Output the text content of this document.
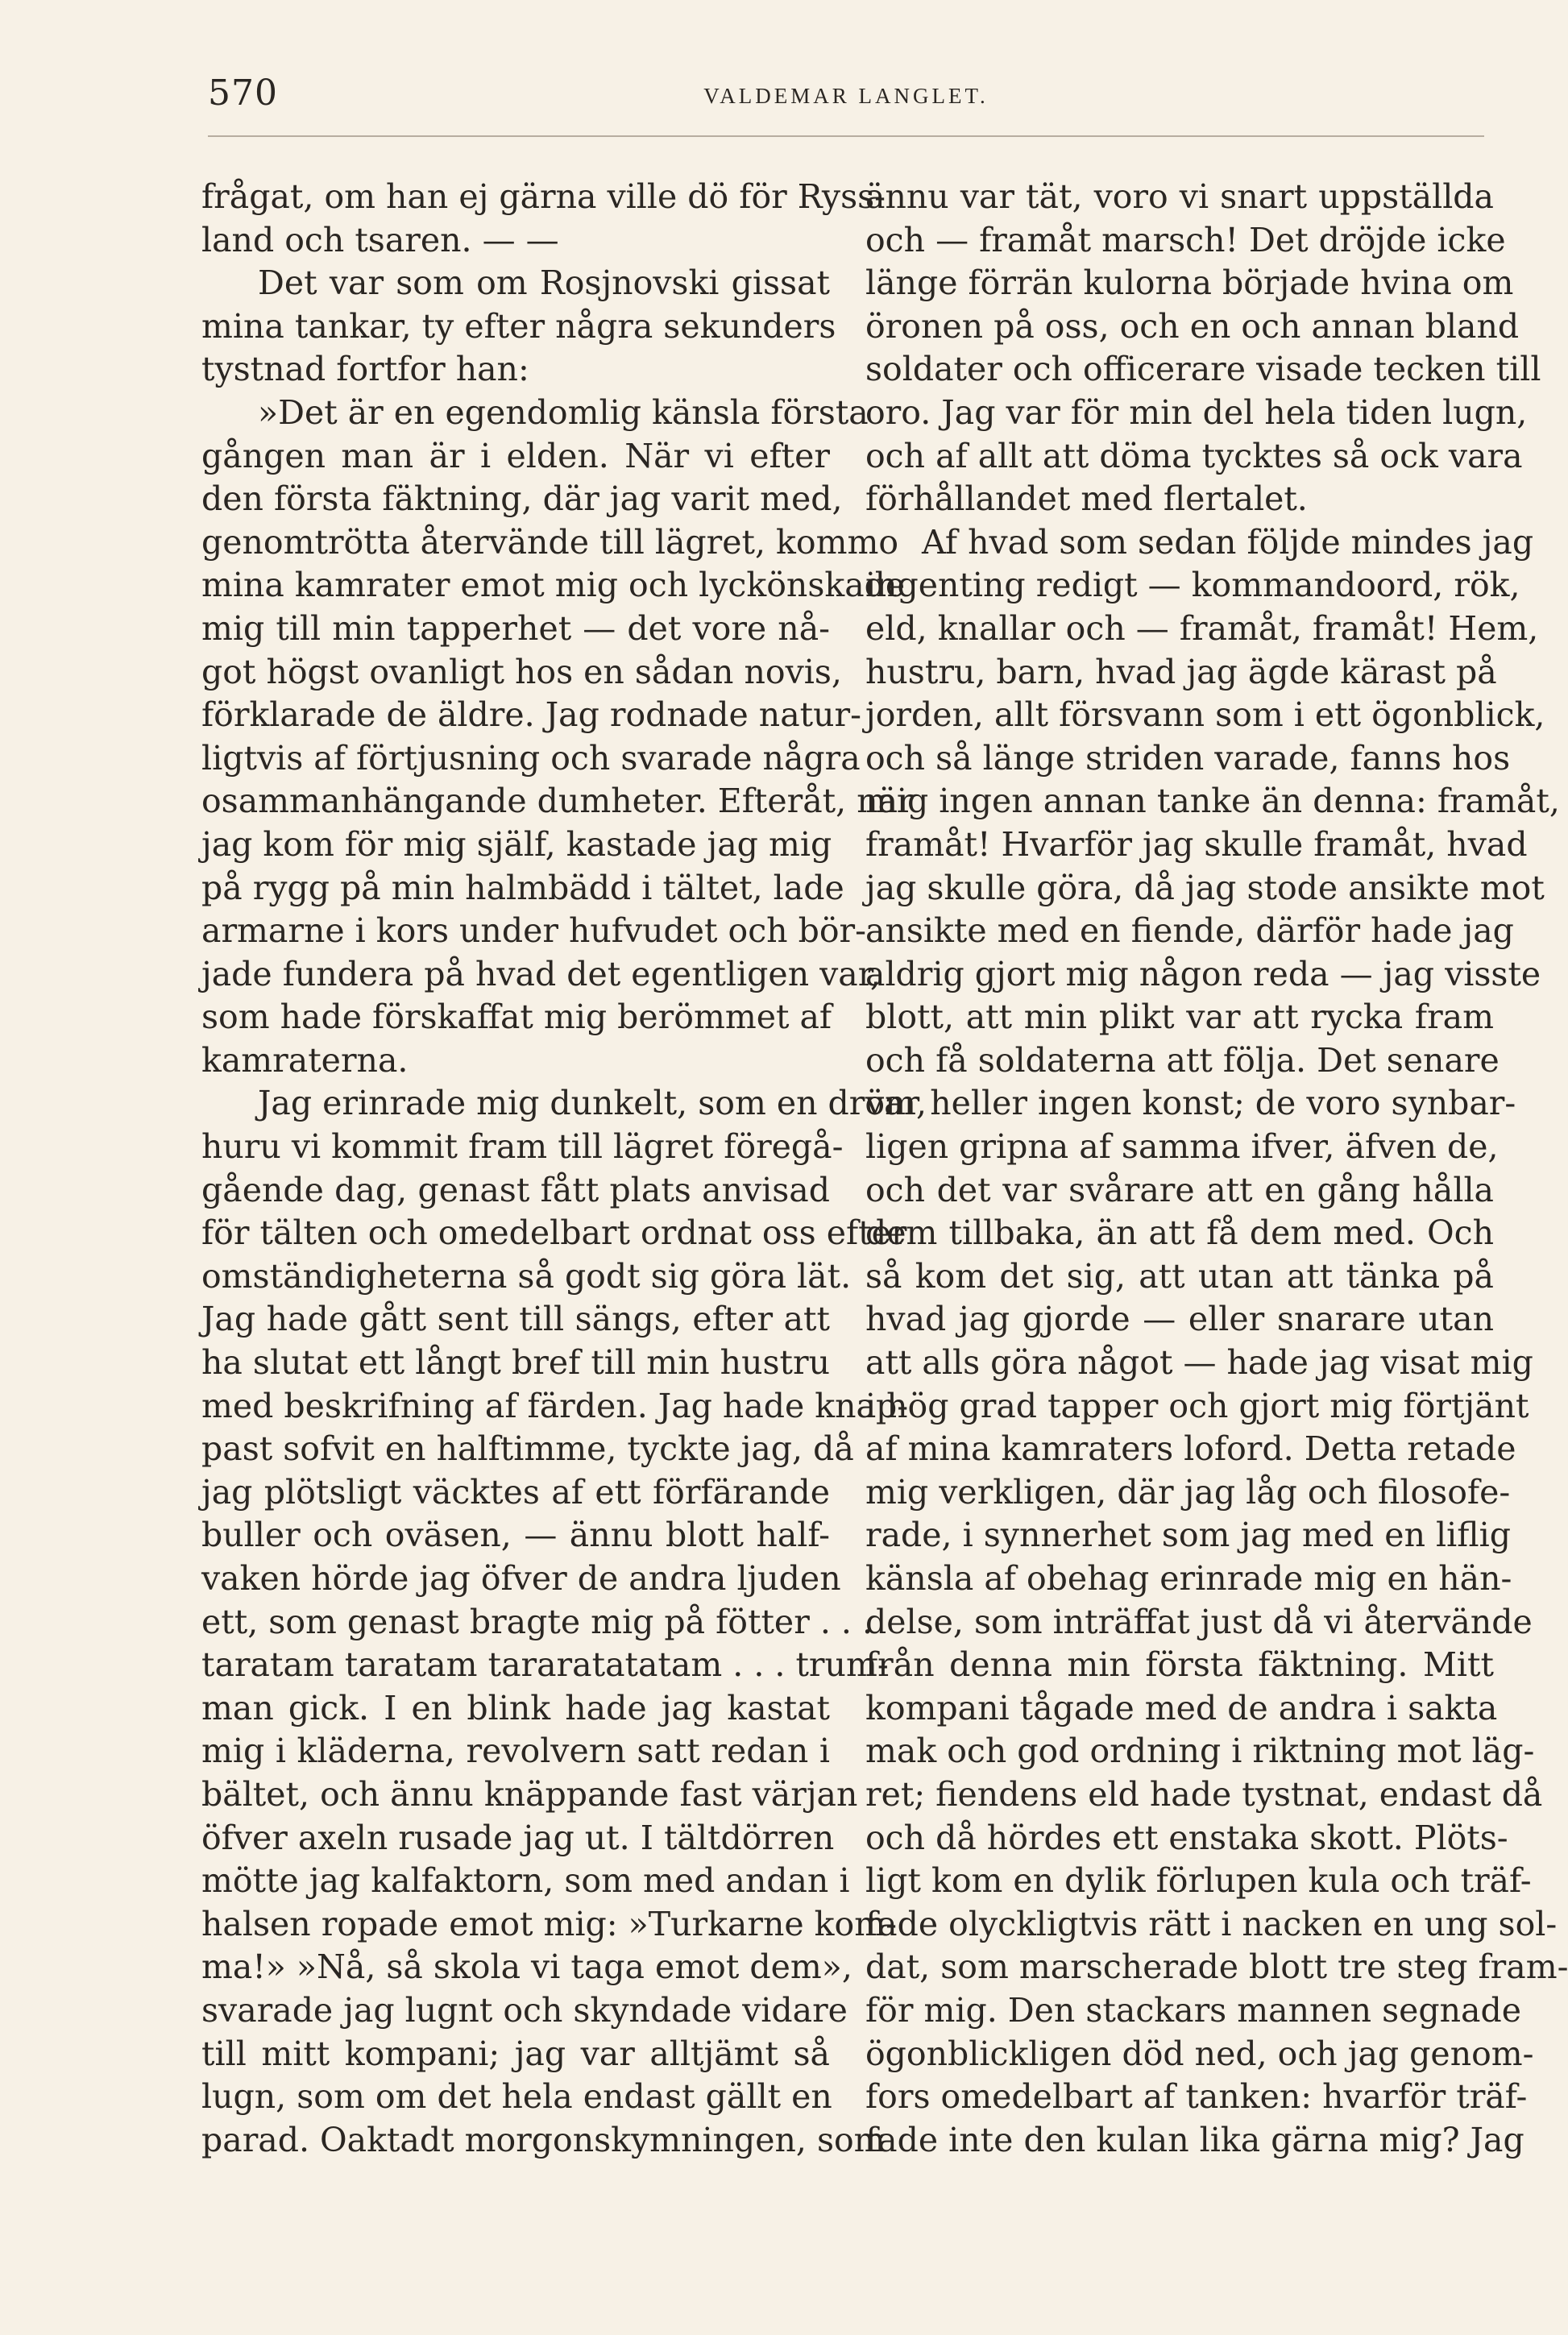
570	VALDEMAR LANGLET.
frågat, om han ej gärna ville dö för Ryss-
land och tsaren. — —
Det var som om Rosjnovski gissat
mina tankar, ty efter några sekunders
tystnad fortfor han:
»Det är en egendomlig känsla första
gången man är i elden. När vi efter
den första fäktning, där jag varit med,
genomtrötta återvände till lägret, kommo
mina kamrater emot mig och lyckönskade
mig till min tapperhet — det vore nå-
got högst ovanligt hos en sådan novis,
förklarade de äldre. Jag rodnade natur-
ligtvis af förtjusning och svarade några
osammanhängande dumheter. Efteråt, när
jag kom för mig själf, kastade jag mig
på rygg på min halmbädd i tältet, lade
armarne i kors under hufvudet och bör-
jade fundera på hvad det egentligen var,
som hade förskaffat mig berömmet af
kamraterna.
Jag erinrade mig dunkelt, som en dröm,
huru vi kommit fram till lägret föregå-
gående dag, genast fått plats anvisad
för tälten och omedelbart ordnat oss efter
omständigheterna så godt sig göra lät.
Jag hade gått sent till sängs, efter att
ha slutat ett långt bref till min hustru
med beskrifning af färden. Jag hade knap-
past sofvit en halftimme, tyckte jag, då
jag plötsligt väcktes af ett förfärande
buller och oväsen, — ännu blott half-
vaken hörde jag öfver de andra ljuden
ett, som genast bragte mig på fötter . . .
taratam taratam tararatatatam . . . trum-
man gick. I en blink hade jag kastat
mig i kläderna, revolvern satt redan i
bältet, och ännu knäppande fast värjan
öfver axeln rusade jag ut. I tältdörren
mötte jag kalfaktorn, som med andan i
halsen ropade emot mig: »Turkarne kom-
ma!» »Nå, så skola vi taga emot dem»,
svarade jag lugnt och skyndade vidare
till mitt kompani; jag var alltjämt så
lugn, som om det hela endast gällt en
parad. Oaktadt morgonskymningen, som
ännu var tät, voro vi snart uppställda
och — framåt marsch! Det dröjde icke
länge förrän kulorna började hvina om
öronen på oss, och en och annan bland
soldater och officerare visade tecken till
oro. Jag var för min del hela tiden lugn,
och af allt att döma tycktes så ock vara
förhållandet med flertalet.
Af hvad som sedan följde mindes jag
ingenting redigt — kommandoord, rök,
eld, knallar och — framåt, framåt! Hem,
hustru, barn, hvad jag ägde kärast på
jorden, allt försvann som i ett ögonblick,
och så länge striden varade, fanns hos
mig ingen annan tanke än denna: framåt,
framåt! Hvarför jag skulle framåt, hvad
jag skulle göra, då jag stode ansikte mot
ansikte med en fiende, därför hade jag
aldrig gjort mig någon reda — jag visste
blott, att min plikt var att rycka fram
och få soldaterna att följa. Det senare
var heller ingen konst; de voro synbar-
ligen gripna af samma ifver, äfven de,
och det var svårare att en gång hålla
dem tillbaka, än att få dem med. Och
så kom det sig, att utan att tänka på
hvad jag gjorde — eller snarare utan
att alls göra något — hade jag visat mig
i hög grad tapper och gjort mig förtjänt
af mina kamraters loford. Detta retade
mig verkligen, där jag låg och filosofe-
rade, i synnerhet som jag med en liflig
känsla af obehag erinrade mig en hän-
delse, som inträffat just då vi återvände
från denna min första fäktning. Mitt
kompani tågade med de andra i sakta
mak och god ordning i riktning mot läg-
ret; fiendens eld hade tystnat, endast då
och då hördes ett enstaka skott. Plöts-
ligt kom en dylik förlupen kula och träf-
fade olyckligtvis rätt i nacken en ung sol-
dat, som marscherade blott tre steg fram-
för mig. Den stackars mannen segnade
ögonblickligen död ned, och jag genom-
fors omedelbart af tanken: hvarför träf-
fade inte den kulan lika gärna mig? Jag
